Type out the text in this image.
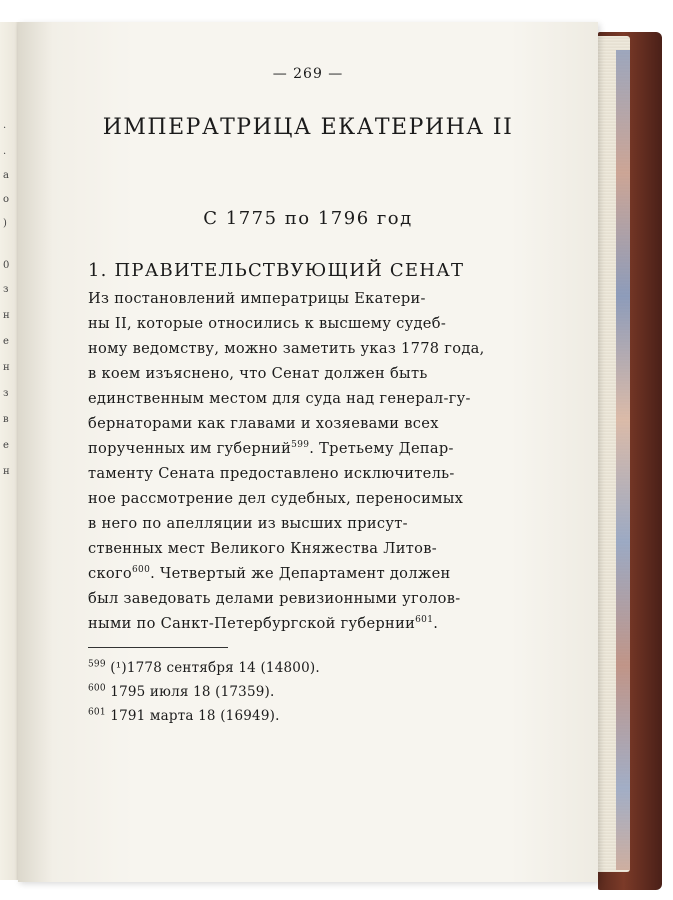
.
.
а
о
)
0
з
н
е
н
з
в
е
н
— 269 —
ИМПЕРАТРИЦА ЕКАТЕРИНА II
С 1775 по 1796 год
1. ПРАВИТЕЛЬСТВУЮЩИЙ СЕНАТ
Из постановлений императрицы Екатери-
ны II, которые относились к высшему судеб-
ному ведомству, можно заметить указ 1778 года,
в коем изъяснено, что Сенат должен быть
единственным местом для суда над генерал-гу-
бернаторами как главами и хозяевами всех
порученных им губерний$^{599}$. Третьему Депар-
таменту Сената предоставлено исключитель-
ное рассмотрение дел судебных, переносимых
в него по апелляции из высших присут-
ственных мест Великого Княжества Литов-
ского$^{600}$. Четвертый же Департамент должен
был заведовать делами ревизионными уголов-
ными по Санкт-Петербургской губернии$^{601}$.
$^{599}$ (¹)1778 сентября 14 (14800).
$^{600}$ 1795 июля 18 (17359).
$^{601}$ 1791 марта 18 (16949).
